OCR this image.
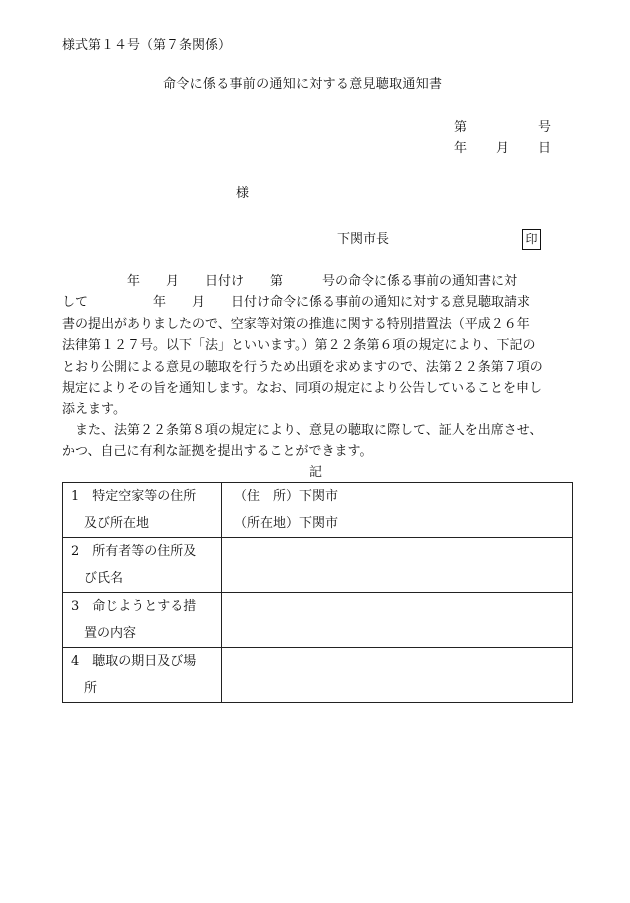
様式第１４号（第７条関係）
命令に係る事前の通知に対する意見聴取通知書
第	号
年 月 日
様
下関市長	印
　　　　　年　　月　　日付け　　第　　　号の命令に係る事前の通知書に対
して　　　　　年　　月　　日付け命令に係る事前の通知に対する意見聴取請求
書の提出がありましたので、空家等対策の推進に関する特別措置法（平成２６年
法律第１２７号。以下「法」といいます。）第２２条第６項の規定により、下記の
とおり公開による意見の聴取を行うため出頭を求めますので、法第２２条第７項の
規定によりその旨を通知します。なお、同項の規定により公告していることを申し
添えます。
　また、法第２２条第８項の規定により、意見の聴取に際して、証人を出席させ、
かつ、自己に有利な証拠を提出することができます。
記
1　特定空家等の住所
　及び所在地	（住　所）下関市
（所在地）下関市

2　所有者等の住所及
　び氏名	

3　命じようとする措
　置の内容	

4　聴取の期日及び場
　所	
